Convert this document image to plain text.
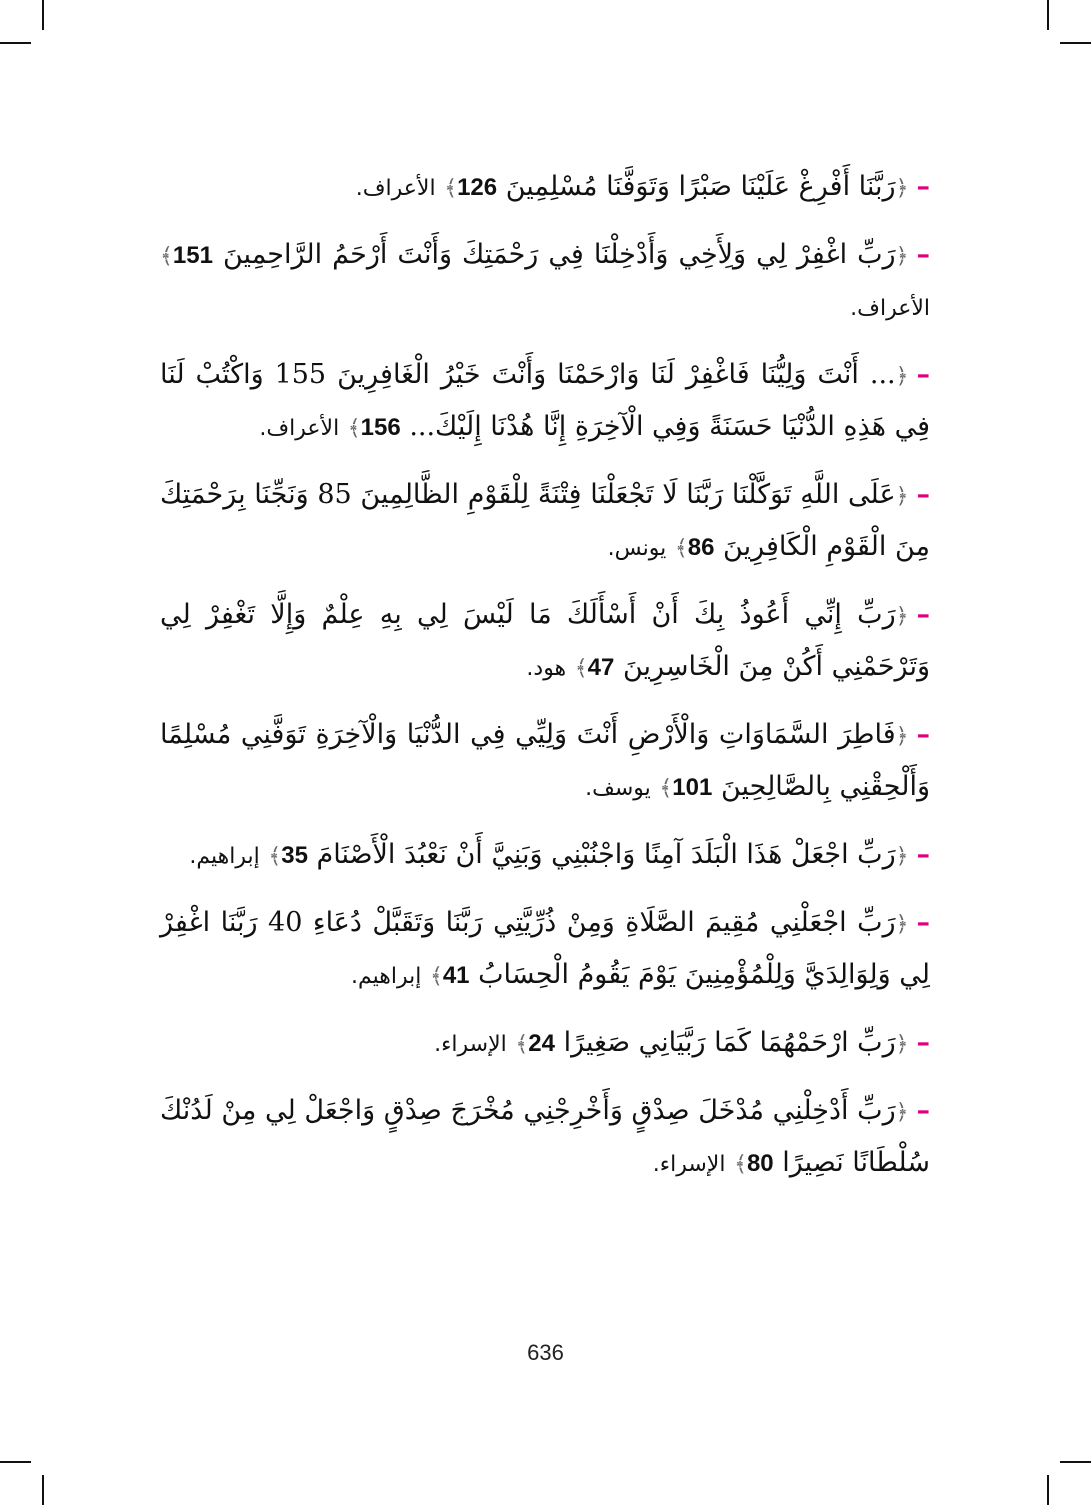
–﴿رَبَّنَا أَفْرِغْ عَلَيْنَا صَبْرًا وَتَوَفَّنَا مُسْلِمِينَ 126﴾ الأعراف.

–﴿رَبِّ اغْفِرْ لِي وَلِأَخِي وَأَدْخِلْنَا فِي رَحْمَتِكَ وَأَنْتَ أَرْحَمُ الرَّاحِمِينَ 151﴾ الأعراف.

–﴿... أَنْتَ وَلِيُّنَا فَاغْفِرْ لَنَا وَارْحَمْنَا وَأَنْتَ خَيْرُ الْغَافِرِينَ 155 وَاكْتُبْ لَنَا فِي هَذِهِ الدُّنْيَا حَسَنَةً وَفِي الْآخِرَةِ إِنَّا هُدْنَا إِلَيْكَ... 156﴾ الأعراف.

–﴿عَلَى اللَّهِ تَوَكَّلْنَا رَبَّنَا لَا تَجْعَلْنَا فِتْنَةً لِلْقَوْمِ الظَّالِمِينَ 85 وَنَجِّنَا بِرَحْمَتِكَ مِنَ الْقَوْمِ الْكَافِرِينَ 86﴾ يونس.

–﴿رَبِّ إِنِّي أَعُوذُ بِكَ أَنْ أَسْأَلَكَ مَا لَيْسَ لِي بِهِ عِلْمٌ وَإِلَّا تَغْفِرْ لِي وَتَرْحَمْنِي أَكُنْ مِنَ الْخَاسِرِينَ 47﴾ هود.

–﴿فَاطِرَ السَّمَاوَاتِ وَالْأَرْضِ أَنْتَ وَلِيِّي فِي الدُّنْيَا وَالْآخِرَةِ تَوَفَّنِي مُسْلِمًا وَأَلْحِقْنِي بِالصَّالِحِينَ 101﴾ يوسف.

–﴿رَبِّ اجْعَلْ هَذَا الْبَلَدَ آمِنًا وَاجْنُبْنِي وَبَنِيَّ أَنْ نَعْبُدَ الْأَصْنَامَ 35﴾ إبراهيم.

–﴿رَبِّ اجْعَلْنِي مُقِيمَ الصَّلَاةِ وَمِنْ ذُرِّيَّتِي رَبَّنَا وَتَقَبَّلْ دُعَاءِ 40 رَبَّنَا اغْفِرْ لِي وَلِوَالِدَيَّ وَلِلْمُؤْمِنِينَ يَوْمَ يَقُومُ الْحِسَابُ 41﴾ إبراهيم.

–﴿رَبِّ ارْحَمْهُمَا كَمَا رَبَّيَانِي صَغِيرًا 24﴾ الإسراء.

–﴿رَبِّ أَدْخِلْنِي مُدْخَلَ صِدْقٍ وَأَخْرِجْنِي مُخْرَجَ صِدْقٍ وَاجْعَلْ لِي مِنْ لَدُنْكَ سُلْطَانًا نَصِيرًا 80﴾ الإسراء.

636
